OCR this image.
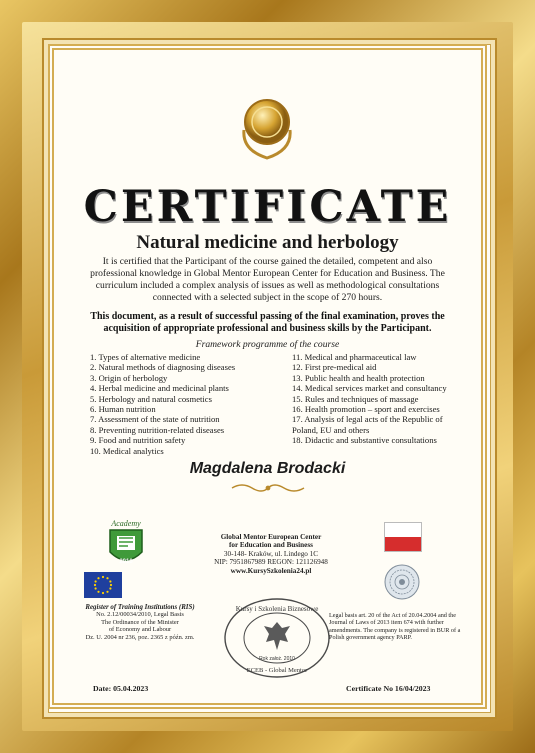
CERTIFICATE
Natural medicine and herbology
It is certified that the Participant of the course gained the detailed, competent and also professional knowledge in Global Mentor European Center for Education and Business. The curriculum included a complex analysis of issues as well as methodological consultations connected with a selected subject in the scope of 270 hours.
This document, as a result of successful passing of the final examination, proves the acquisition of appropriate professional and business skills by the Participant.
Framework programme of the course
1. Types of alternative medicine
2. Natural methods of diagnosing diseases
3. Origin of herbology
4. Herbal medicine and medicinal plants
5. Herbology and natural cosmetics
6. Human nutrition
7. Assessment of the state of nutrition
8. Preventing nutrition-related diseases
9. Food and nutrition safety
10. Medical analytics
11. Medical and pharmaceutical law
12. First pre-medical aid
13. Public health and health protection
14. Medical services market and consultancy
15. Rules and techniques of massage
16. Health promotion – sport and exercises
17. Analysis of legal acts of the Republic of Poland, EU and others
18. Didactic and substantive consultations
Magdalena Brodacki
Academy
2010
Global Mentor European Center
for Education and Business
30-148- Kraków, ul. Lindego 1C
NIP: 7951867989 REGON: 121126948
www.KursySzkolenia24.pl
Register of Training Institutions (RIS)
No. 2.12/00034/2010, Legal Basis
The Ordinance of the Minister
of Economy and Labour
Dz. U. 2004 nr 236, poz. 2365 z późn. zm.
Kursy i Szkolenia Biznesowe
Rok założ. 2010
ECEB - Global Mentor
Legal basis art. 20 of the Act of 20.04.2004 and the Journal of Laws of 2013 item 674 with further amendments. The company is registered in BUR of a Polish government agency PARP.
Date: 05.04.2023	Certificate No 16/04/2023
